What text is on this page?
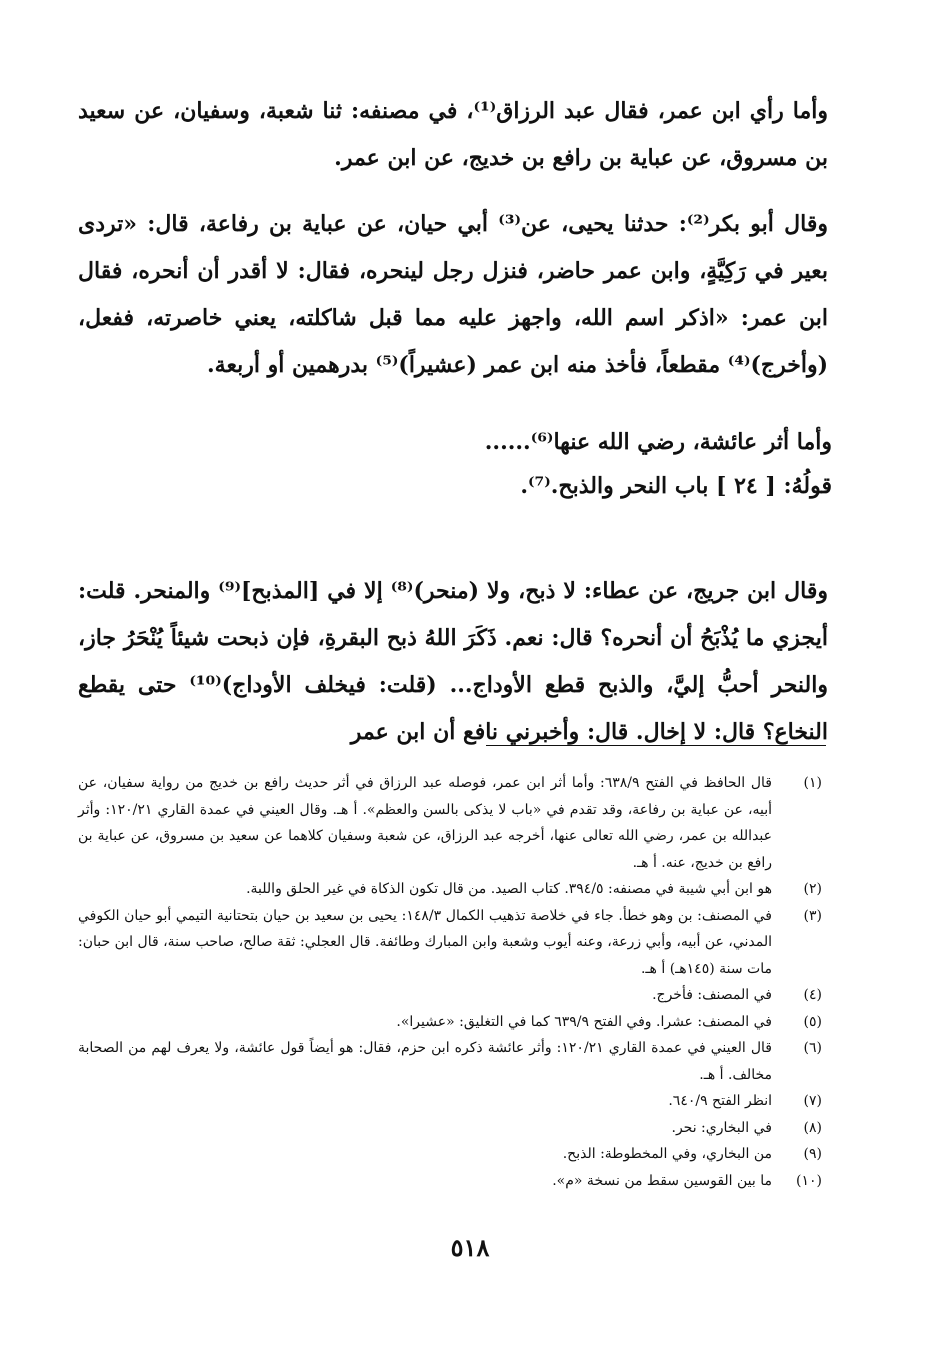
وأما رأي ابن عمر، فقال عبد الرزاق⁽¹⁾، في مصنفه: ثنا شعبة، وسفيان، عن سعيد بن مسروق، عن عباية بن رافع بن خديج، عن ابن عمر.

وقال أبو بكر⁽²⁾: حدثنا يحيى، عن⁽³⁾ أبي حيان، عن عباية بن رفاعة، قال: «تردى بعير في رَكِيَّةٍ، وابن عمر حاضر، فنزل رجل لينحره، فقال: لا أقدر أن أنحره، فقال ابن عمر: «اذكر اسم الله، واجهز عليه مما قبل شاكلته، يعني خاصرته، ففعل، (وأخرج)⁽⁴⁾ مقطعاً، فأخذ منه ابن عمر (عشيراً)⁽⁵⁾ بدرهمين أو أربعة.

وأما أثر عائشة، رضي الله عنها⁽⁶⁾......
قولُهُ: [ ٢٤ ] باب النحر والذبح.⁽⁷⁾.

وقال ابن جريج، عن عطاء: لا ذبح، ولا (منحر)⁽⁸⁾ إلا في [المذبح]⁽⁹⁾ والمنحر. قلت: أيجزي ما يُذْبَحُ أن أنحره؟ قال: نعم. ذَكَرَ اللهُ ذبح البقرةِ، فإن ذبحت شيئاً يُنْحَرُ جاز، والنحر أحبُّ إليَّ، والذبح قطع الأوداج... (قلت: فيخلف الأوداج)⁽¹⁰⁾ حتى يقطع النخاع؟ قال: لا إخال. قال: وأخبرني نافع أن ابن عمر

(١)
قال الحافظ في الفتح ٦٣٨/٩: وأما أثر ابن عمر، فوصله عبد الرزاق في أثر حديث رافع بن خديج من رواية سفيان، عن أبيه، عن عباية بن رفاعة، وقد تقدم في «باب لا يذكى بالسن والعظم». أ هـ. وقال العيني في عمدة القاري ١٢٠/٢١: وأثر عبدالله بن عمر، رضي الله تعالى عنها، أخرجه عبد الرزاق، عن شعبة وسفيان كلاهما عن سعيد بن مسروق، عن عباية بن رافع بن خديج، عنه. أ هـ.
(٢)
هو ابن أبي شيبة في مصنفه: ٣٩٤/٥. كتاب الصيد. من قال تكون الذكاة في غير الحلق واللبة.
(٣)
في المصنف: بن وهو خطأ. جاء في خلاصة تذهيب الكمال ١٤٨/٣: يحيى بن سعيد بن حيان بتحتانية التيمي أبو حيان الكوفي المدني، عن أبيه، وأبي زرعة، وعنه أيوب وشعبة وابن المبارك وطائفة. قال العجلي: ثقة صالح، صاحب سنة، قال ابن حبان: مات سنة (١٤٥هـ) أ هـ.
(٤)
في المصنف: فأخرج.
(٥)
في المصنف: عشرا. وفي الفتح ٦٣٩/٩ كما في التغليق: «عشيرا».
(٦)
قال العيني في عمدة القاري ١٢٠/٢١: وأثر عائشة ذكره ابن حزم، فقال: هو أيضاً قول عائشة، ولا يعرف لهم من الصحابة مخالف. أ هـ.
(٧)
انظر الفتح ٦٤٠/٩.
(٨)
في البخاري: نحر.
(٩)
من البخاري، وفي المخطوطة: الذبح.
(١٠)
ما بين القوسين سقط من نسخة «م».
٥١٨
